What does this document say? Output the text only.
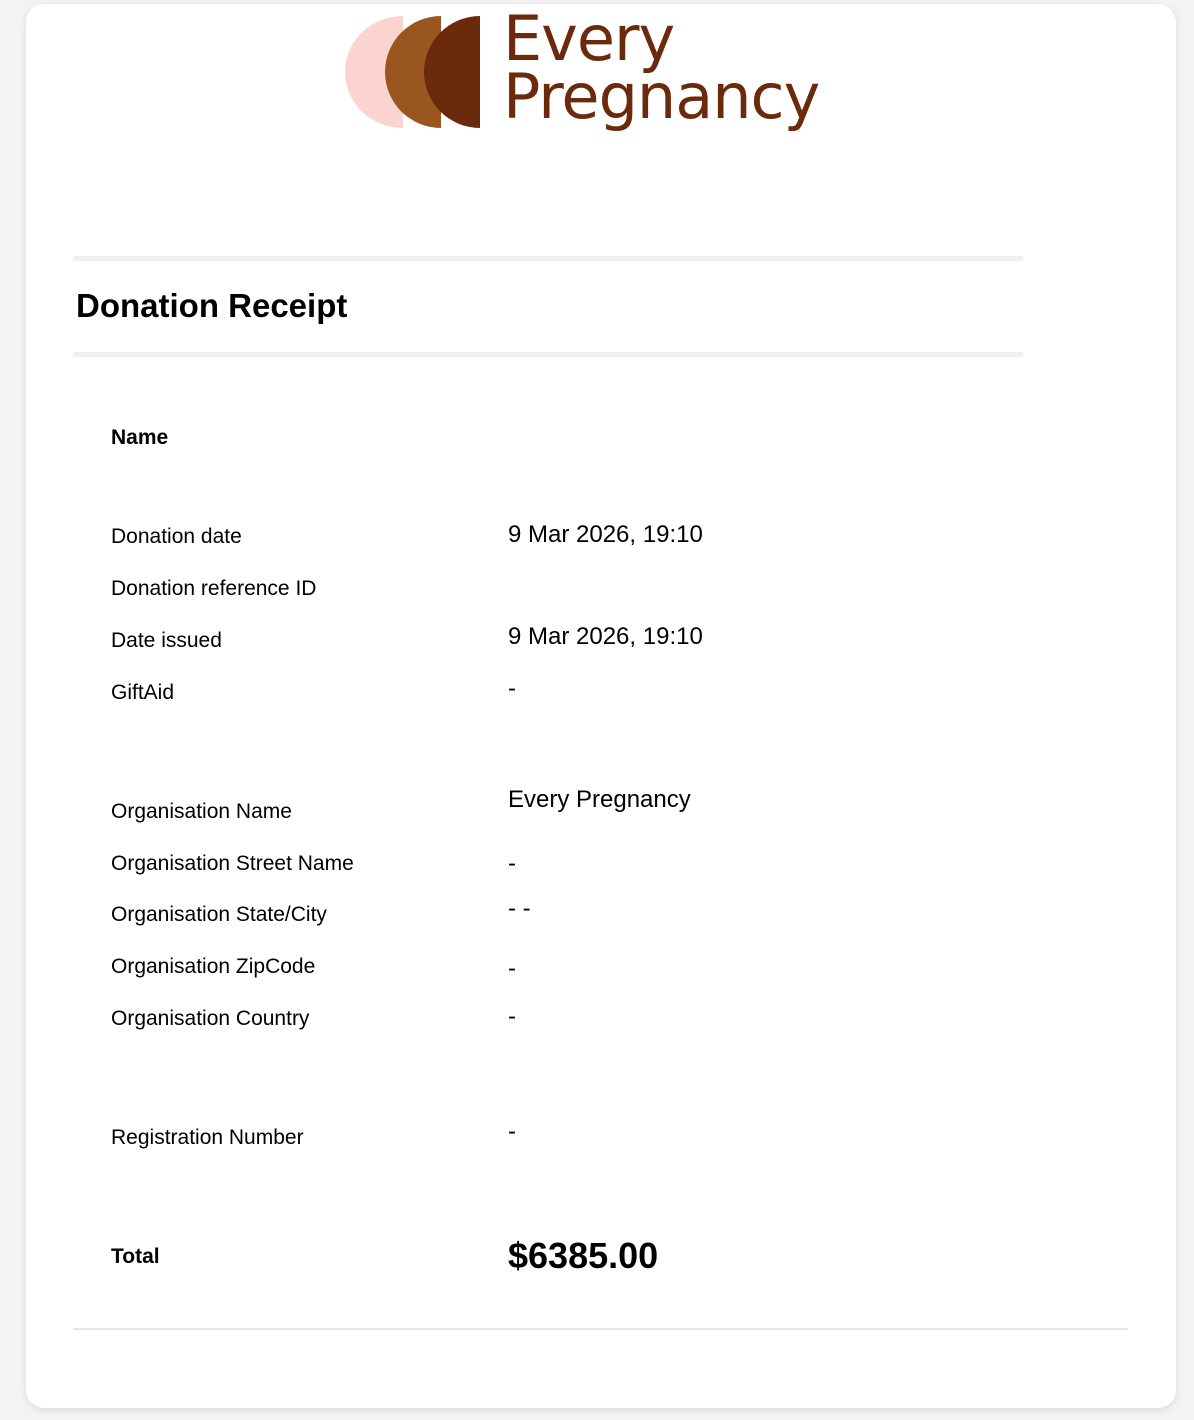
Every
Pregnancy
Donation Receipt
Name
Donation date	9 Mar 2026, 19:10
Donation reference ID
Date issued	9 Mar 2026, 19:10
GiftAid	-
Organisation Name	Every Pregnancy
Organisation Street Name	-
Organisation State/City	- -
Organisation ZipCode	-
Organisation Country	-
Registration Number	-
Total	$6385.00
